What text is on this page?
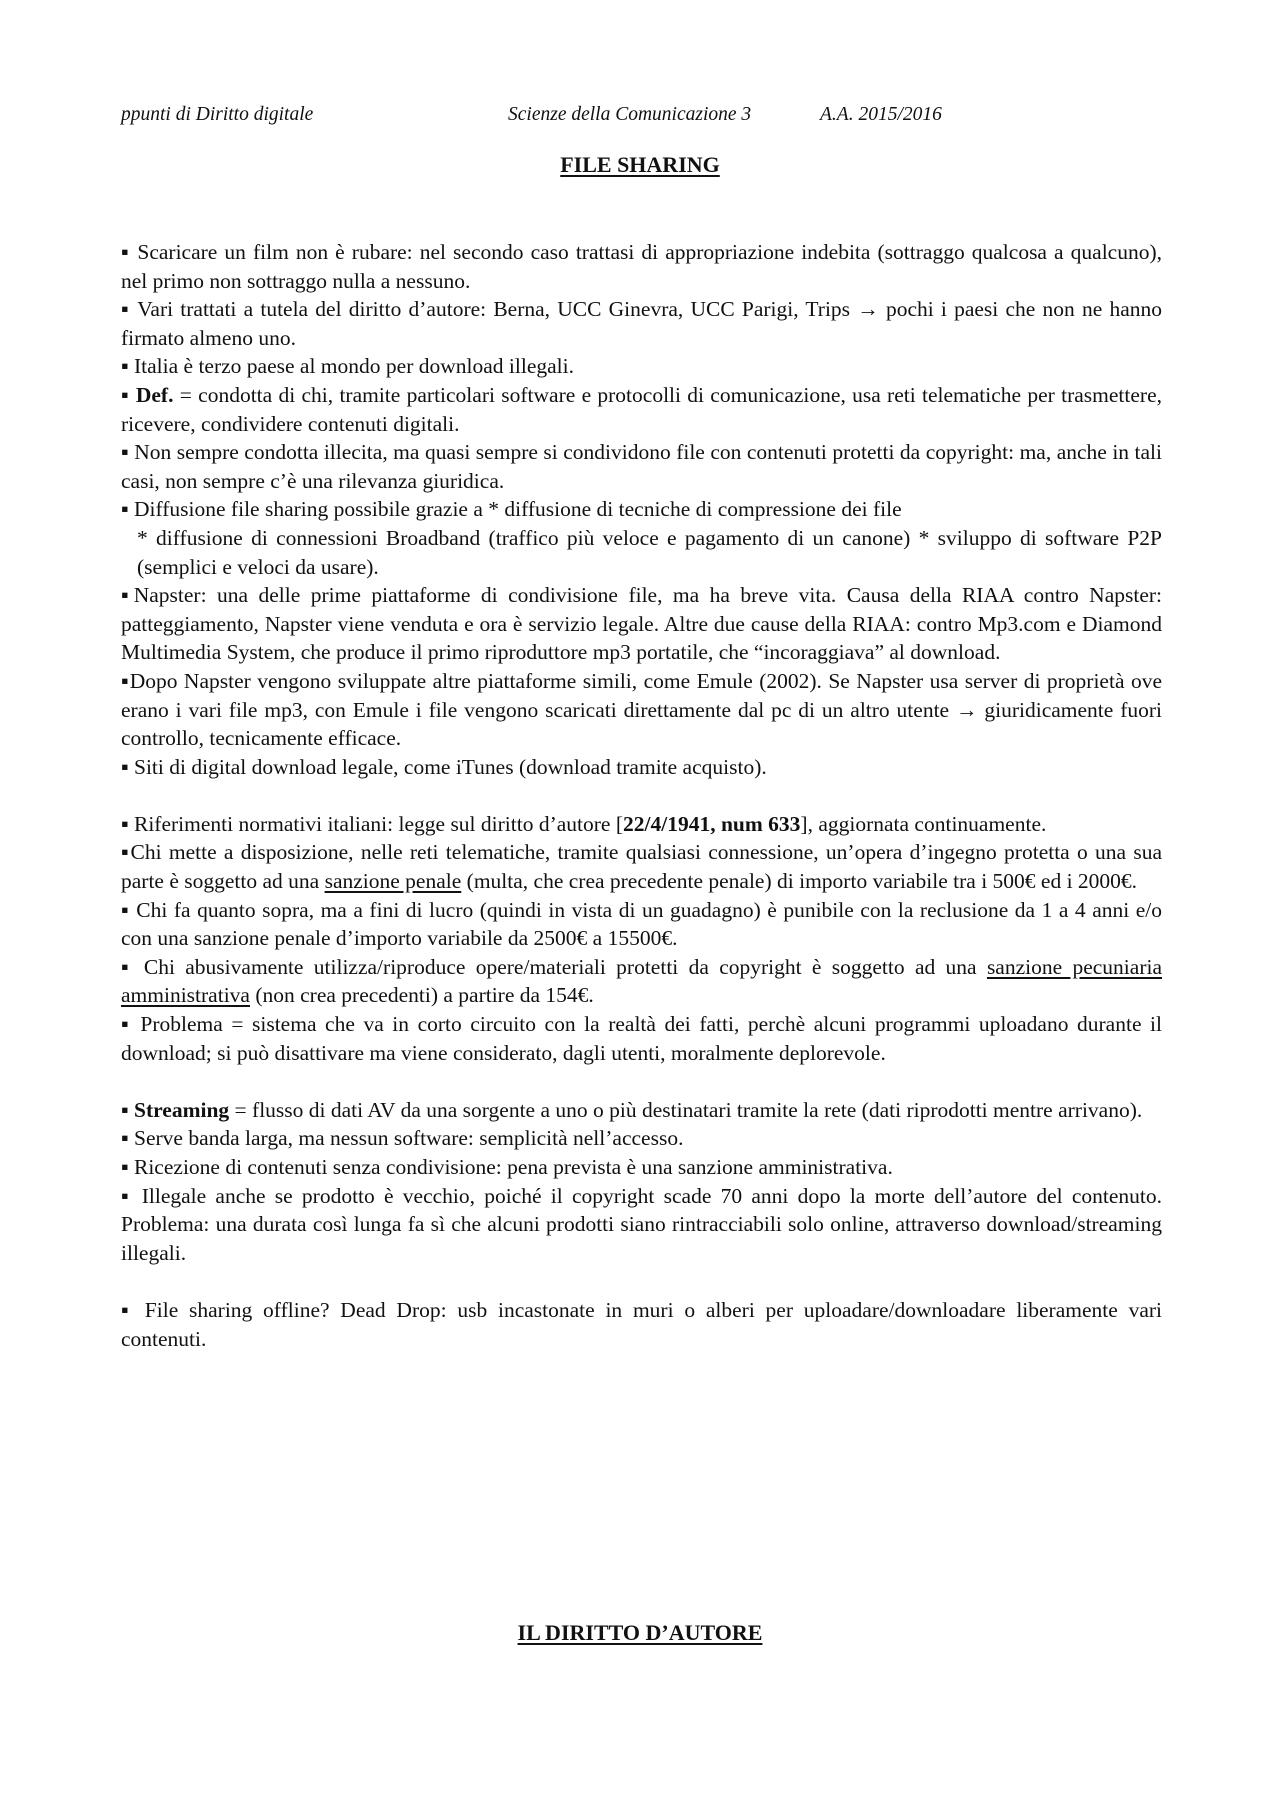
ppunti di Diritto digitale	Scienze della Comunicazione 3	A.A. 2015/2016
FILE SHARING

▪ Scaricare un film non è rubare: nel secondo caso trattasi di appropriazione indebita (sottraggo qualcosa a qualcuno), nel primo non sottraggo nulla a nessuno.

▪ Vari trattati a tutela del diritto d’autore: Berna, UCC Ginevra, UCC Parigi, Trips → pochi i paesi che non ne hanno firmato almeno uno.

▪ Italia è terzo paese al mondo per download illegali.

▪ Def. = condotta di chi, tramite particolari software e protocolli di comunicazione, usa reti telematiche per trasmettere, ricevere, condividere contenuti digitali.

▪ Non sempre condotta illecita, ma quasi sempre si condividono file con contenuti protetti da copyright: ma, anche in tali casi, non sempre c’è una rilevanza giuridica.

▪ Diffusione file sharing possibile grazie a * diffusione di tecniche di compressione dei file

* diffusione di connessioni Broadband (traffico più veloce e pagamento di un canone) * sviluppo di software P2P (semplici e veloci da usare).

▪Napster: una delle prime piattaforme di condivisione file, ma ha breve vita. Causa della RIAA contro Napster: patteggiamento, Napster viene venduta e ora è servizio legale. Altre due cause della RIAA: contro Mp3.com e Diamond Multimedia System, che produce il primo riproduttore mp3 portatile, che “incoraggiava” al download.

▪Dopo Napster vengono sviluppate altre piattaforme simili, come Emule (2002). Se Napster usa server di proprietà ove erano i vari file mp3, con Emule i file vengono scaricati direttamente dal pc di un altro utente → giuridicamente fuori controllo, tecnicamente efficace.

▪ Siti di digital download legale, come iTunes (download tramite acquisto).

▪ Riferimenti normativi italiani: legge sul diritto d’autore [22/4/1941, num 633], aggiornata continuamente.

▪Chi mette a disposizione, nelle reti telematiche, tramite qualsiasi connessione, un’opera d’ingegno protetta o una sua parte è soggetto ad una sanzione penale (multa, che crea precedente penale) di importo variabile tra i 500€ ed i 2000€.

▪ Chi fa quanto sopra, ma a fini di lucro (quindi in vista di un guadagno) è punibile con la reclusione da 1 a 4 anni e/o con una sanzione penale d’importo variabile da 2500€ a 15500€.

▪ Chi abusivamente utilizza/riproduce opere/materiali protetti da copyright è soggetto ad una sanzione pecuniaria amministrativa (non crea precedenti) a partire da 154€.

▪ Problema = sistema che va in corto circuito con la realtà dei fatti, perchè alcuni programmi uploadano durante il download; si può disattivare ma viene considerato, dagli utenti, moralmente deplorevole.

▪ Streaming = flusso di dati AV da una sorgente a uno o più destinatari tramite la rete (dati riprodotti mentre arrivano).

▪ Serve banda larga, ma nessun software: semplicità nell’accesso.

▪ Ricezione di contenuti senza condivisione: pena prevista è una sanzione amministrativa.

▪ Illegale anche se prodotto è vecchio, poiché il copyright scade 70 anni dopo la morte dell’autore del contenuto. Problema: una durata così lunga fa sì che alcuni prodotti siano rintracciabili solo online, attraverso download/streaming illegali.

▪ File sharing offline? Dead Drop: usb incastonate in muri o alberi per uploadare/downloadare liberamente vari contenuti.

IL DIRITTO D’AUTORE
